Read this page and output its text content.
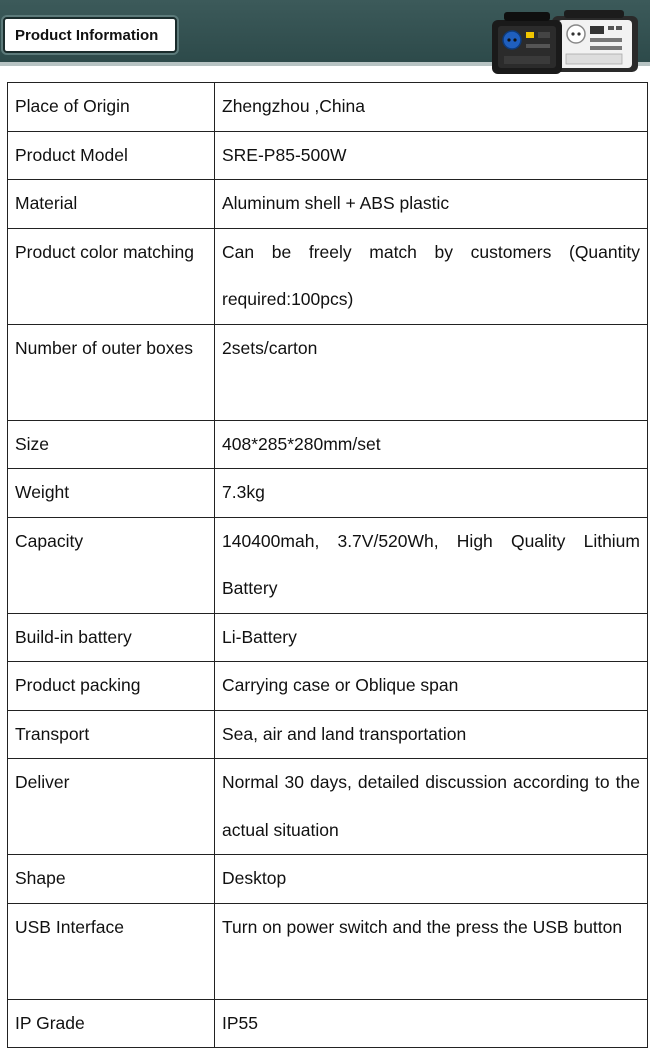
Product Information
Place of Origin	Zhengzhou ,China
Product Model	SRE-P85-500W
Material	Aluminum shell + ABS plastic
Product color matching	Can be freely match by customers (Quantity required:100pcs)
Number of outer boxes	2sets/carton
Size	408*285*280mm/set
Weight	7.3kg
Capacity	140400mah, 3.7V/520Wh, High Quality Lithium Battery
Build-in battery	Li-Battery
Product packing	Carrying case or Oblique span
Transport	Sea, air and land transportation
Deliver	Normal 30 days, detailed discussion according to the actual situation
Shape	Desktop
USB Interface	Turn on power switch and the press the USB button
IP Grade	IP55
